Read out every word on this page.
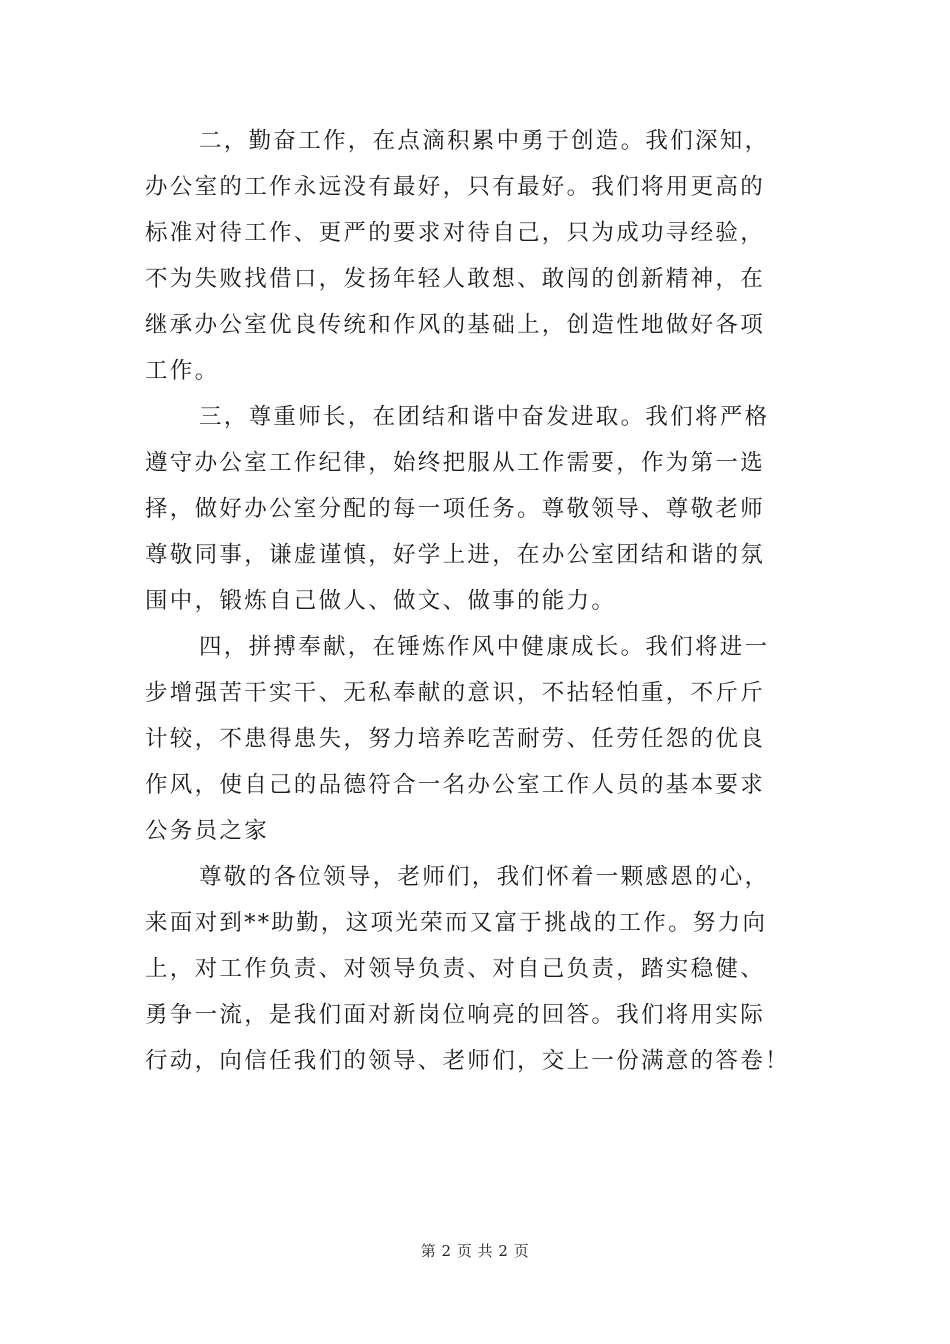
二，勤奋工作，在点滴积累中勇于创造。我们深知，
办公室的工作永远没有最好，只有最好。我们将用更高的
标准对待工作、更严的要求对待自己，只为成功寻经验，
不为失败找借口，发扬年轻人敢想、敢闯的创新精神，在
继承办公室优良传统和作风的基础上，创造性地做好各项
工作。
三，尊重师长，在团结和谐中奋发进取。我们将严格
遵守办公室工作纪律，始终把服从工作需要，作为第一选
择，做好办公室分配的每一项任务。尊敬领导、尊敬老师
尊敬同事，谦虚谨慎，好学上进，在办公室团结和谐的氛
围中，锻炼自己做人、做文、做事的能力。
四，拼搏奉献，在锤炼作风中健康成长。我们将进一
步增强苦干实干、无私奉献的意识，不拈轻怕重，不斤斤
计较，不患得患失，努力培养吃苦耐劳、任劳任怨的优良
作风，使自己的品德符合一名办公室工作人员的基本要求
公务员之家
尊敬的各位领导，老师们，我们怀着一颗感恩的心，
来面对到**助勤，这项光荣而又富于挑战的工作。努力向
上，对工作负责、对领导负责、对自己负责，踏实稳健、
勇争一流，是我们面对新岗位响亮的回答。我们将用实际
行动，向信任我们的领导、老师们，交上一份满意的答卷！
第 2 页 共 2 页
